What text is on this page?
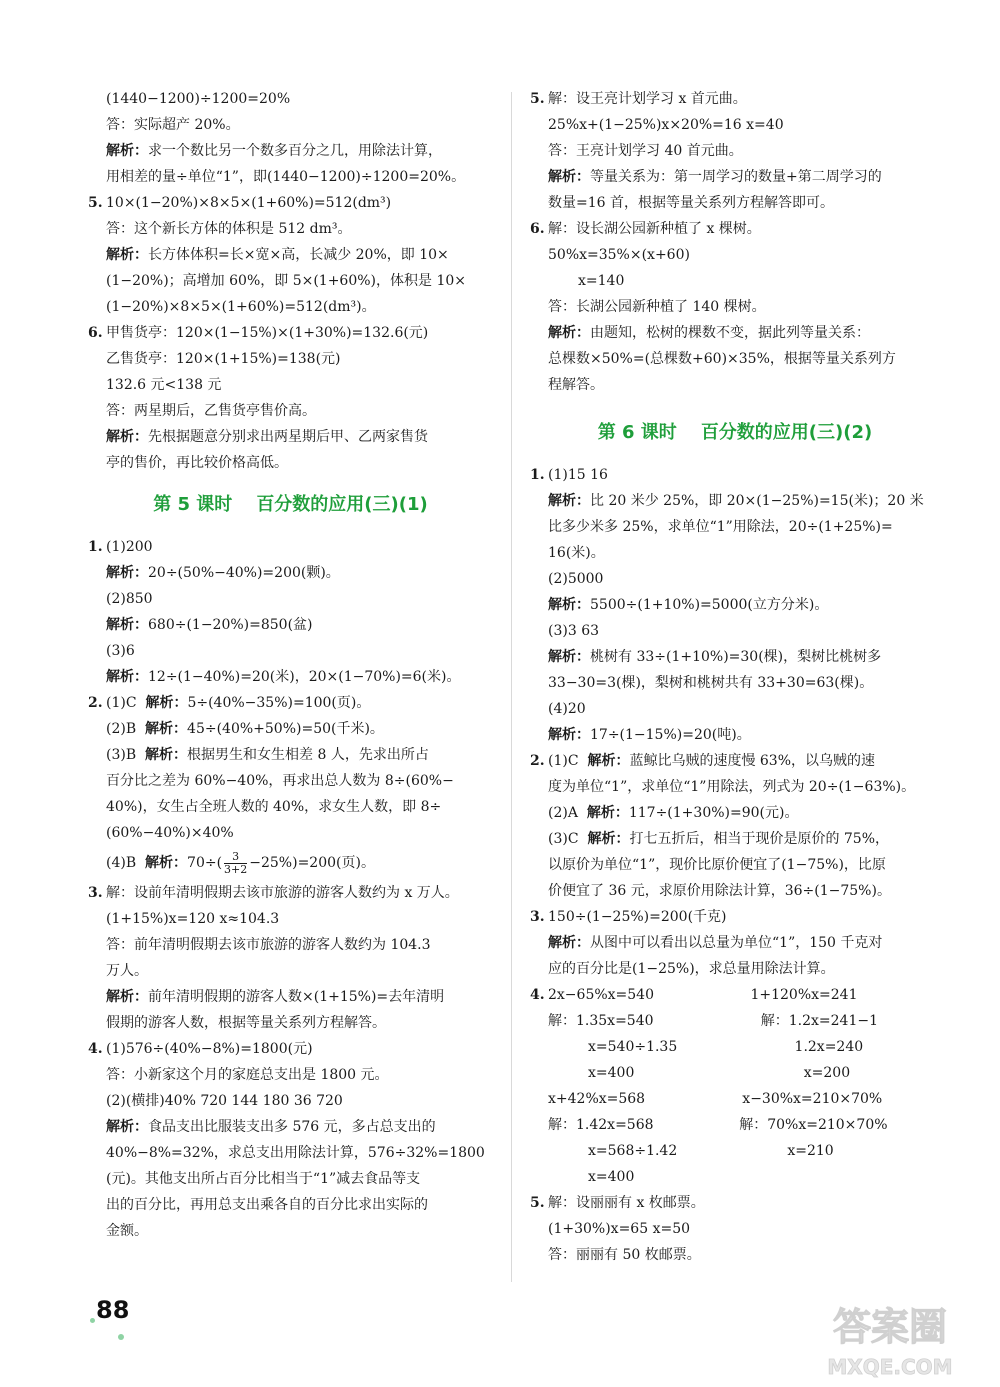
(1440−1200)÷1200=20%
答：实际超产 20%。
解析：求一个数比另一个数多百分之几，用除法计算，
用相差的量÷单位“1”，即(1440−1200)÷1200=20%。
5. 10×(1−20%)×8×5×(1+60%)=512(dm³)
答：这个新长方体的体积是 512 dm³。
解析：长方体体积=长×宽×高，长减少 20%，即 10×
(1−20%)；高增加 60%，即 5×(1+60%)，体积是 10×
(1−20%)×8×5×(1+60%)=512(dm³)。
6. 甲售货亭：120×(1−15%)×(1+30%)=132.6(元)
乙售货亭：120×(1+15%)=138(元)
132.6 元<138 元
答：两星期后，乙售货亭售价高。
解析：先根据题意分别求出两星期后甲、乙两家售货
亭的售价，再比较价格高低。
第 5 课时 百分数的应用(三)(1)
1. (1)200
解析：20÷(50%−40%)=200(颗)。
(2)850
解析：680÷(1−20%)=850(盆)
(3)6
解析：12÷(1−40%)=20(米)，20×(1−70%)=6(米)。
2. (1)C 解析：5÷(40%−35%)=100(页)。
(2)B 解析：45÷(40%+50%)=50(千米)。
(3)B 解析：根据男生和女生相差 8 人，先求出所占
百分比之差为 60%−40%，再求出总人数为 8÷(60%−
40%)，女生占全班人数的 40%，求女生人数，即 8÷
(60%−40%)×40%
(4)B 解析：$70\div( \frac{3}{3+2} -25\%)=200$(页)。
3. 解：设前年清明假期去该市旅游的游客人数约为 x 万人。
(1+15%)x=120 x≈104.3
答：前年清明假期去该市旅游的游客人数约为 104.3
万人。
解析：前年清明假期的游客人数×(1+15%)=去年清明
假期的游客人数，根据等量关系列方程解答。
4. (1)576÷(40%−8%)=1800(元)
答：小新家这个月的家庭总支出是 1800 元。
(2)(横排)40% 720 144 180 36 720
解析：食品支出比服装支出多 576 元，多占总支出的
40%−8%=32%，求总支出用除法计算，576÷32%=1800
(元)。其他支出所占百分比相当于“1”减去食品等支
出的百分比，再用总支出乘各自的百分比求出实际的
金额。
5. 解：设王亮计划学习 x 首元曲。
25%x+(1−25%)x×20%=16 x=40
答：王亮计划学习 40 首元曲。
解析：等量关系为：第一周学习的数量+第二周学习的
数量=16 首，根据等量关系列方程解答即可。
6. 解：设长湖公园新种植了 x 棵树。
50%x=35%×(x+60)
x=140
答：长湖公园新种植了 140 棵树。
解析：由题知，松树的棵数不变，据此列等量关系：
总棵数×50%=(总棵数+60)×35%，根据等量关系列方
程解答。
第 6 课时 百分数的应用(三)(2)
1. (1)15 16
解析：比 20 米少 25%，即 20×(1−25%)=15(米)；20 米
比多少米多 25%，求单位“1”用除法，20÷(1+25%)=
16(米)。
(2)5000
解析：5500÷(1+10%)=5000(立方分米)。
(3)3 63
解析：桃树有 33÷(1+10%)=30(棵)，梨树比桃树多
33−30=3(棵)，梨树和桃树共有 33+30=63(棵)。
(4)20
解析：17÷(1−15%)=20(吨)。
2. (1)C 解析：蓝鲸比乌贼的速度慢 63%，以乌贼的速
度为单位“1”，求单位“1”用除法，列式为 20÷(1−63%)。
(2)A 解析：117÷(1+30%)=90(元)。
(3)C 解析：打七五折后，相当于现价是原价的 75%，
以原价为单位“1”，现价比原价便宜了(1−75%)，比原
价便宜了 36 元，求原价用除法计算，36÷(1−75%)。
3. 150÷(1−25%)=200(千克)
解析：从图中可以看出以总量为单位“1”，150 千克对
应的百分比是(1−25%)，求总量用除法计算。
4. 2x−65%x=540	1+120%x=241
解：1.35x=540	解：1.2x=241−1
x=540÷1.35	1.2x=240
x=400	x=200
x+42%x=568	x−30%x=210×70%
解：1.42x=568	解：70%x=210×70%
x=568÷1.42	x=210
x=400
5. 解：设丽丽有 x 枚邮票。
(1+30%)x=65 x=50
答：丽丽有 50 枚邮票。
88	答案圈
MXQE.COM
